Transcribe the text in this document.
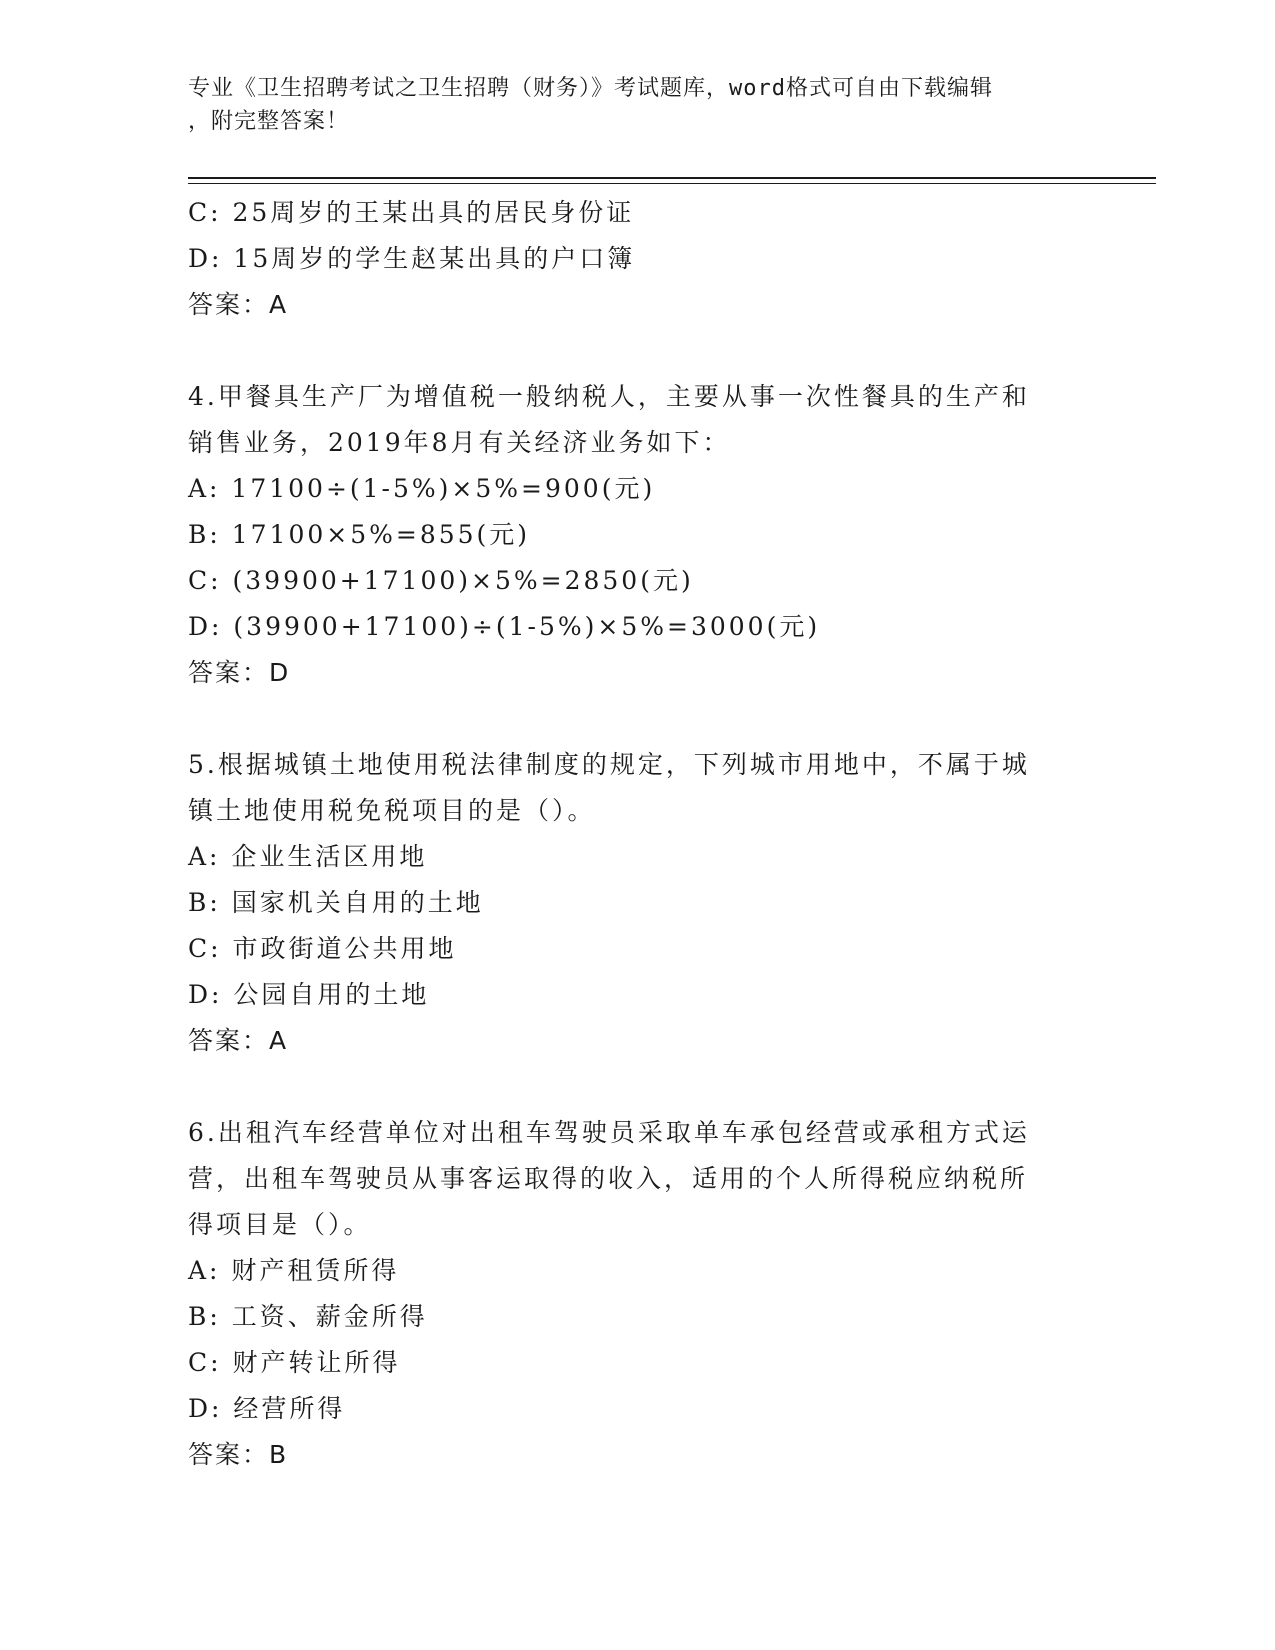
专业《卫生招聘考试之卫生招聘（财务）》考试题库，word格式可自由下载编辑
，附完整答案！
C: 25周岁的王某出具的居民身份证
D: 15周岁的学生赵某出具的户口簿
答案：A
4.甲餐具生产厂为增值税一般纳税人，主要从事一次性餐具的生产和
销售业务，2019年8月有关经济业务如下：
A: 17100÷(1-5%)×5%=900(元)
B: 17100×5%=855(元)
C: (39900+17100)×5%=2850(元)
D: (39900+17100)÷(1-5%)×5%=3000(元)
答案：D
5.根据城镇土地使用税法律制度的规定，下列城市用地中，不属于城
镇土地使用税免税项目的是（）。
A: 企业生活区用地
B: 国家机关自用的土地
C: 市政街道公共用地
D: 公园自用的土地
答案：A
6.出租汽车经营单位对出租车驾驶员采取单车承包经营或承租方式运
营，出租车驾驶员从事客运取得的收入，适用的个人所得税应纳税所
得项目是（）。
A: 财产租赁所得
B: 工资、薪金所得
C: 财产转让所得
D: 经营所得
答案：B
